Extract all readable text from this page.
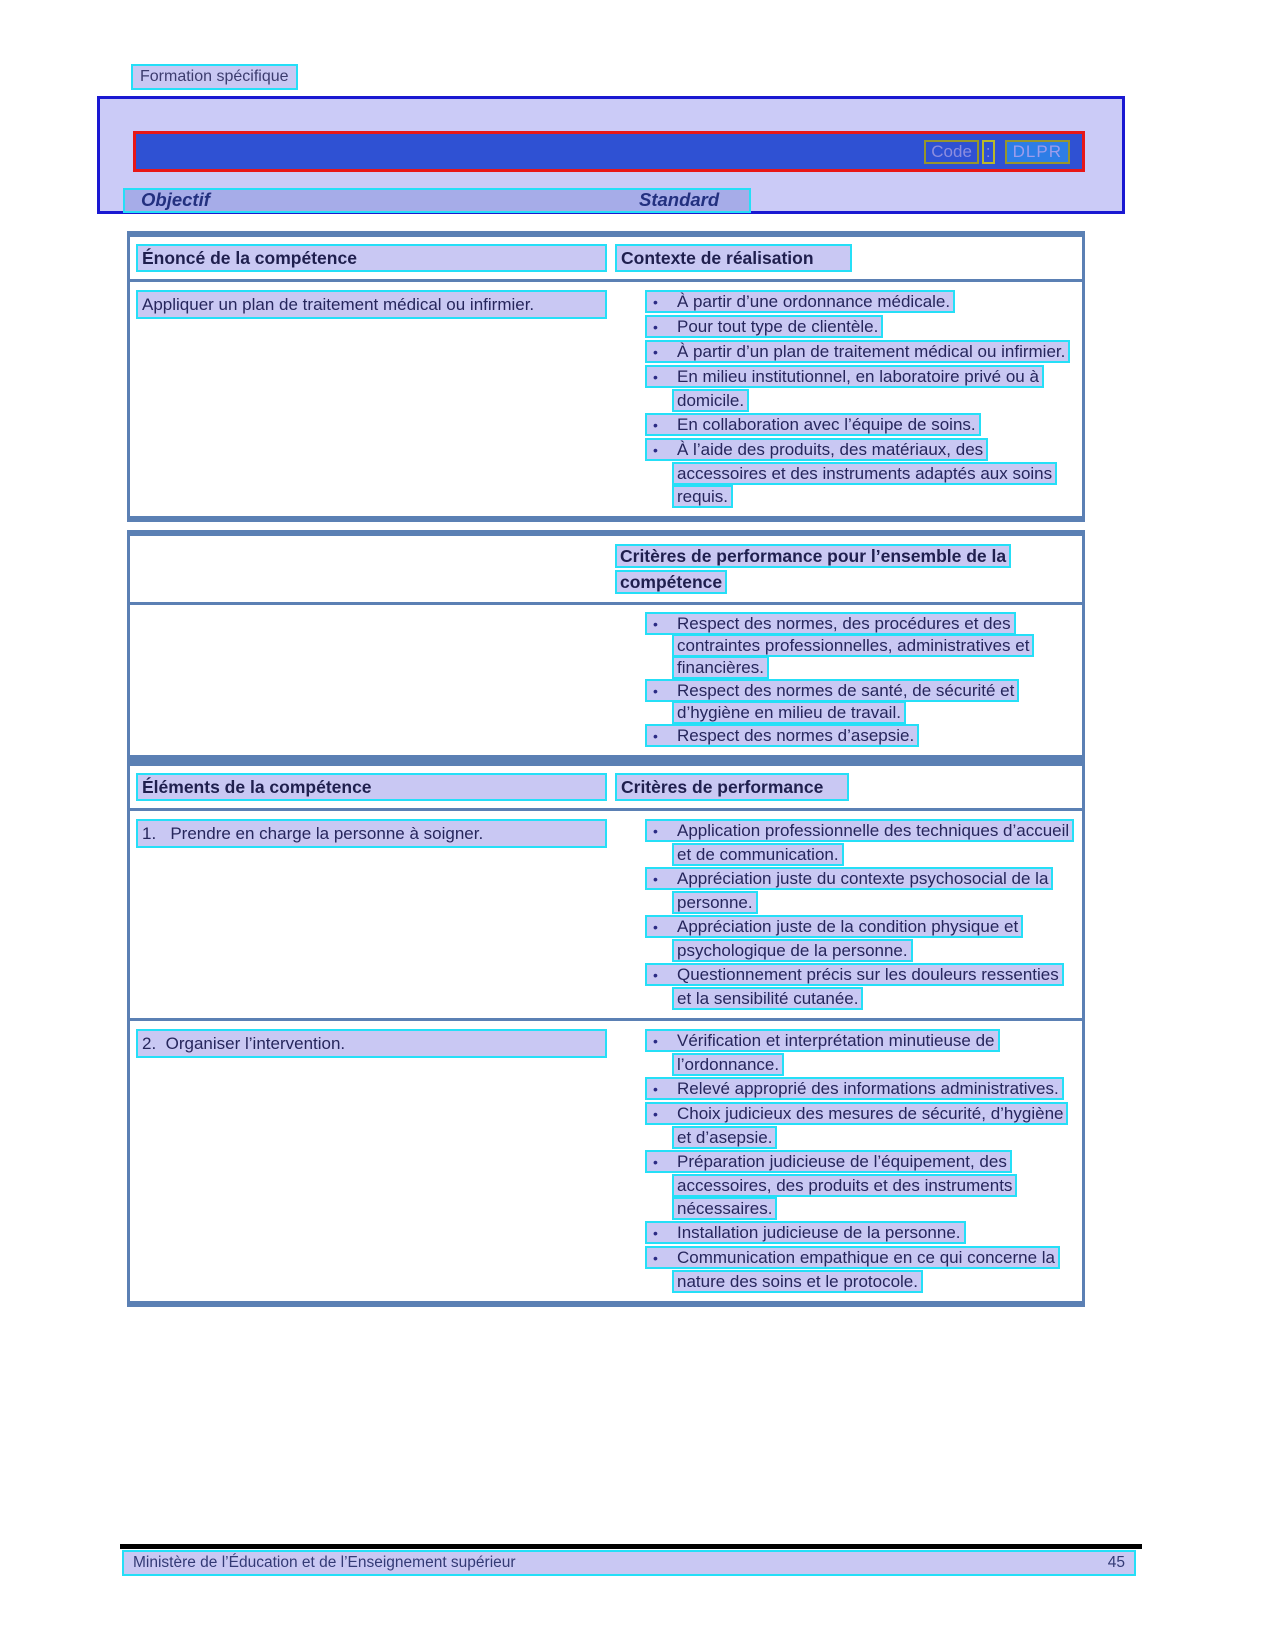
Formation spécifique
Code :	DLPR
Objectif	Standard
Énoncé de la compétence	Contexte de réalisation
Appliquer un plan de traitement médical ou infirmier.	• À partir d’une ordonnance médicale.
• Pour tout type de clientèle.
• À partir d’un plan de traitement médical ou infirmier.
• En milieu institutionnel, en laboratoire privé ou à domicile.
• En collaboration avec l’équipe de soins.
• À l’aide des produits, des matériaux, des accessoires et des instruments adaptés aux soins requis.
Critères de performance pour l’ensemble de la compétence
• Respect des normes, des procédures et des contraintes professionnelles, administratives et financières.
• Respect des normes de santé, de sécurité et d’hygiène en milieu de travail.
• Respect des normes d’asepsie.
Éléments de la compétence	Critères de performance
1.   Prendre en charge la personne à soigner.	• Application professionnelle des techniques d’accueil et de communication.
• Appréciation juste du contexte psychosocial de la personne.
• Appréciation juste de la condition physique et psychologique de la personne.
• Questionnement précis sur les douleurs ressenties et la sensibilité cutanée.
2.  Organiser l’intervention.	• Vérification et interprétation minutieuse de l’ordonnance.
• Relevé approprié des informations administratives.
• Choix judicieux des mesures de sécurité, d’hygiène et d’asepsie.
• Préparation judicieuse de l’équipement, des accessoires, des produits et des instruments nécessaires.
• Installation judicieuse de la personne.
• Communication empathique en ce qui concerne la nature des soins et le protocole.
Ministère de l’Éducation et de l’Enseignement supérieur	45
